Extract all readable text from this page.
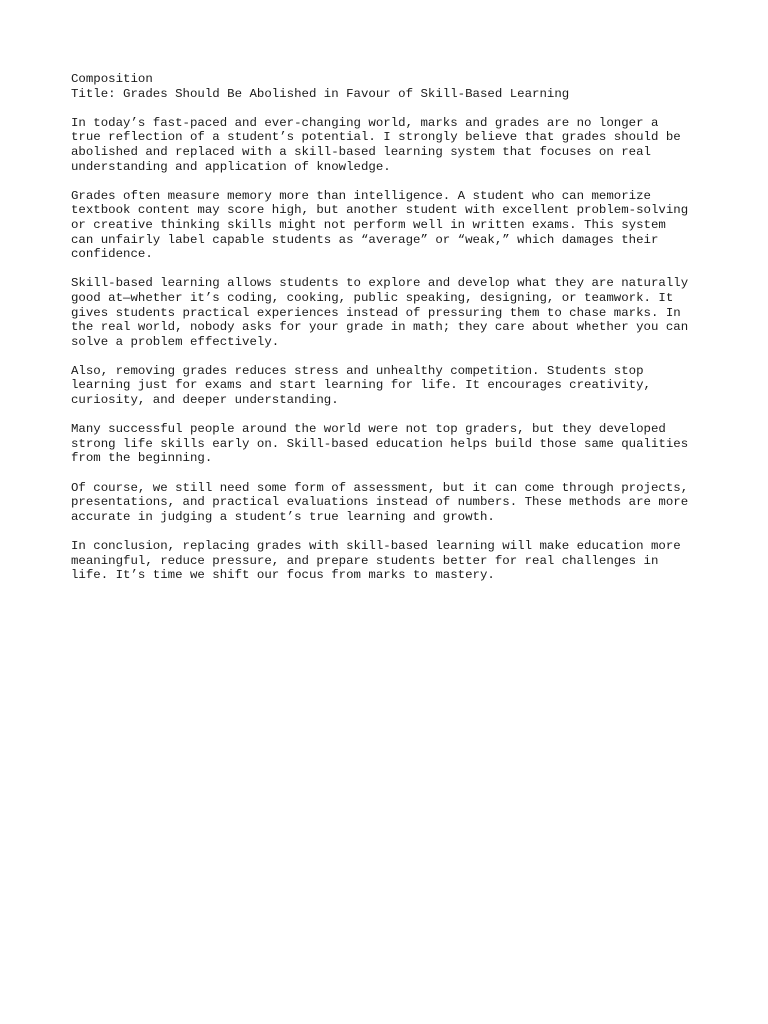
Composition
Title: Grades Should Be Abolished in Favour of Skill-Based Learning

In today’s fast-paced and ever-changing world, marks and grades are no longer a
true reflection of a student’s potential. I strongly believe that grades should be
abolished and replaced with a skill-based learning system that focuses on real
understanding and application of knowledge.

Grades often measure memory more than intelligence. A student who can memorize
textbook content may score high, but another student with excellent problem-solving
or creative thinking skills might not perform well in written exams. This system
can unfairly label capable students as “average” or “weak,” which damages their
confidence.

Skill-based learning allows students to explore and develop what they are naturally
good at—whether it’s coding, cooking, public speaking, designing, or teamwork. It
gives students practical experiences instead of pressuring them to chase marks. In
the real world, nobody asks for your grade in math; they care about whether you can
solve a problem effectively.

Also, removing grades reduces stress and unhealthy competition. Students stop
learning just for exams and start learning for life. It encourages creativity,
curiosity, and deeper understanding.

Many successful people around the world were not top graders, but they developed
strong life skills early on. Skill-based education helps build those same qualities
from the beginning.

Of course, we still need some form of assessment, but it can come through projects,
presentations, and practical evaluations instead of numbers. These methods are more
accurate in judging a student’s true learning and growth.

In conclusion, replacing grades with skill-based learning will make education more
meaningful, reduce pressure, and prepare students better for real challenges in
life. It’s time we shift our focus from marks to mastery.
